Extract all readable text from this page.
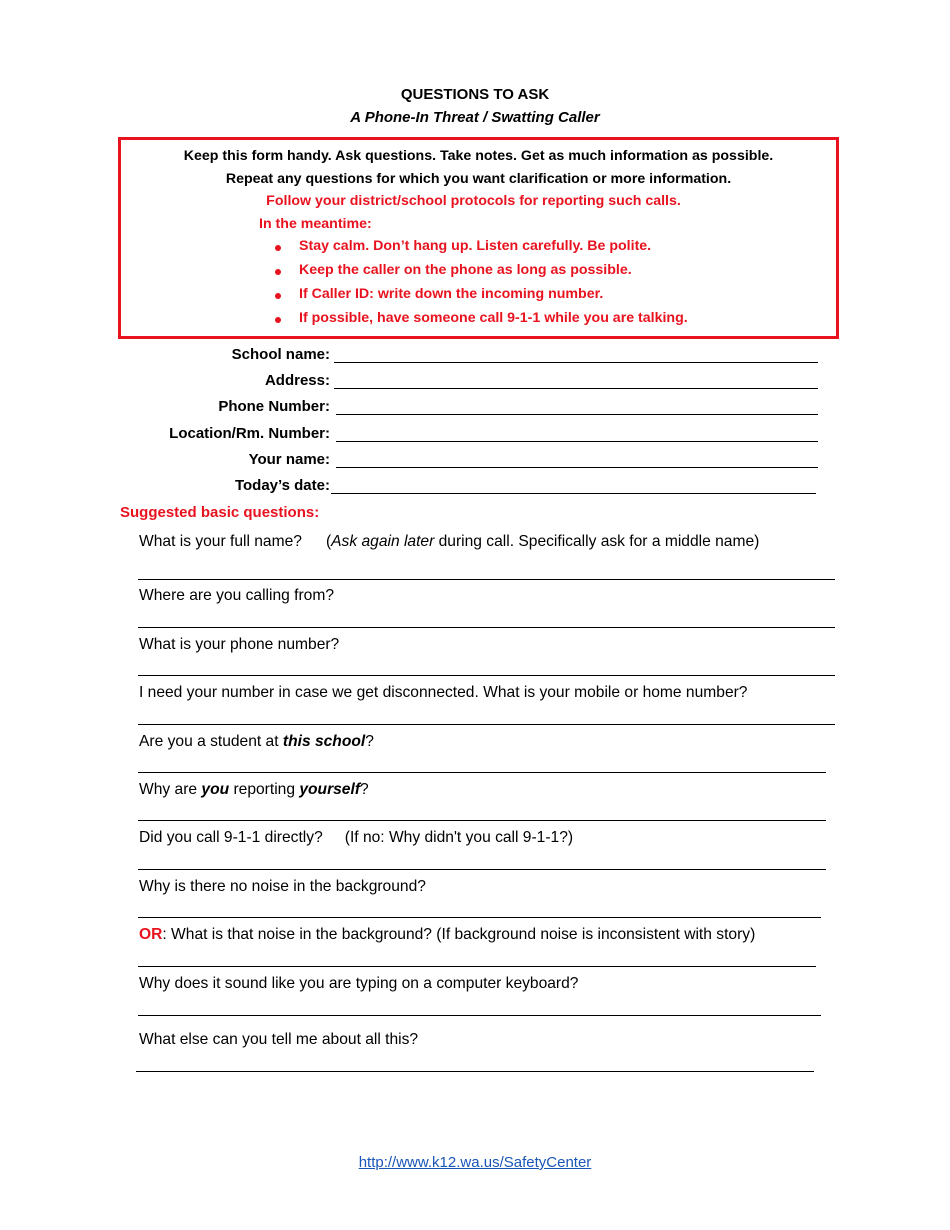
QUESTIONS TO ASK
A Phone-In Threat / Swatting Caller
Keep this form handy. Ask questions. Take notes. Get as much information as possible.
Repeat any questions for which you want clarification or more information.
Follow your district/school protocols for reporting such calls.
In the meantime:
Stay calm. Don’t hang up. Listen carefully. Be polite.
Keep the caller on the phone as long as possible.
If Caller ID: write down the incoming number.
If possible, have someone call 9-1-1 while you are talking.
School name:
Address:
Phone Number:
Location/Rm. Number:
Your name:
Today’s date:
Suggested basic questions:
What is your full name? (Ask again later during call. Specifically ask for a middle name)
Where are you calling from?
What is your phone number?
I need your number in case we get disconnected. What is your mobile or home number?
Are you a student at this school?
Why are you reporting yourself?
Did you call 9-1-1 directly? (If no: Why didn't you call 9-1-1?)
Why is there no noise in the background?
OR: What is that noise in the background? (If background noise is inconsistent with story)
Why does it sound like you are typing on a computer keyboard?
What else can you tell me about all this?
http://www.k12.wa.us/SafetyCenter
